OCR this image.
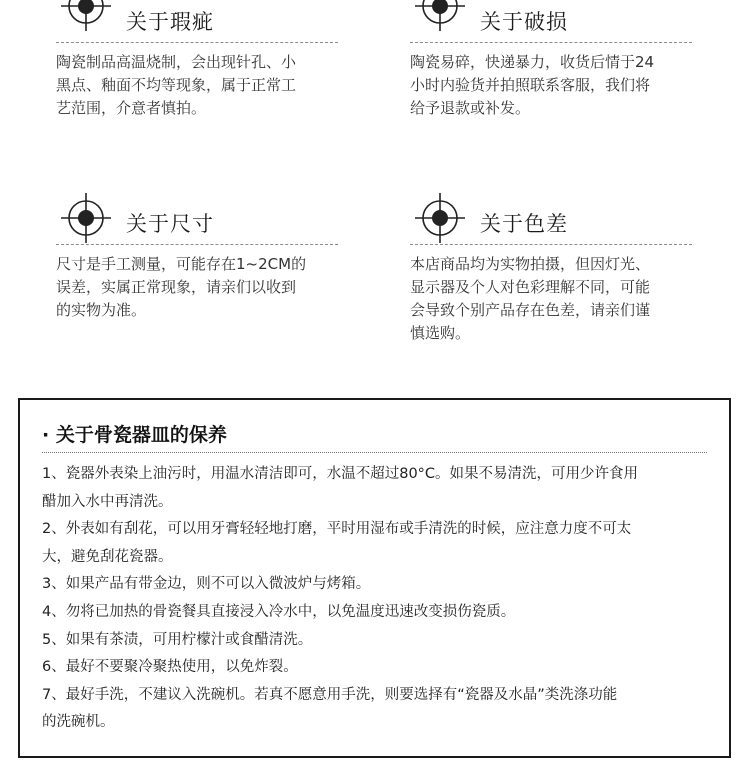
关于瑕疵
陶瓷制品高温烧制，会出现针孔、小
黑点、釉面不均等现象，属于正常工
艺范围，介意者慎拍。
关于破损
陶瓷易碎，快递暴力，收货后情于24
小时内验货并拍照联系客服，我们将
给予退款或补发。
关于尺寸
尺寸是手工测量，可能存在1~2CM的
误差，实属正常现象，请亲们以收到
的实物为准。
关于色差
本店商品均为实物拍摄，但因灯光、
显示器及个人对色彩理解不同，可能
会导致个别产品存在色差，请亲们谨
慎选购。
· 关于骨瓷器皿的保养
1、瓷器外表染上油污时，用温水清洁即可，水温不超过80°C。如果不易清洗，可用少许食用
醋加入水中再清洗。
2、外表如有刮花，可以用牙膏轻轻地打磨，平时用湿布或手清洗的时候，应注意力度不可太
大，避免刮花瓷器。
3、如果产品有带金边，则不可以入微波炉与烤箱。
4、勿将已加热的骨瓷餐具直接浸入冷水中，以免温度迅速改变损伤瓷质。
5、如果有茶渍，可用柠檬汁或食醋清洗。
6、最好不要聚冷聚热使用，以免炸裂。
7、最好手洗，不建议入洗碗机。若真不愿意用手洗，则要选择有“瓷器及水晶”类洗涤功能
的洗碗机。
